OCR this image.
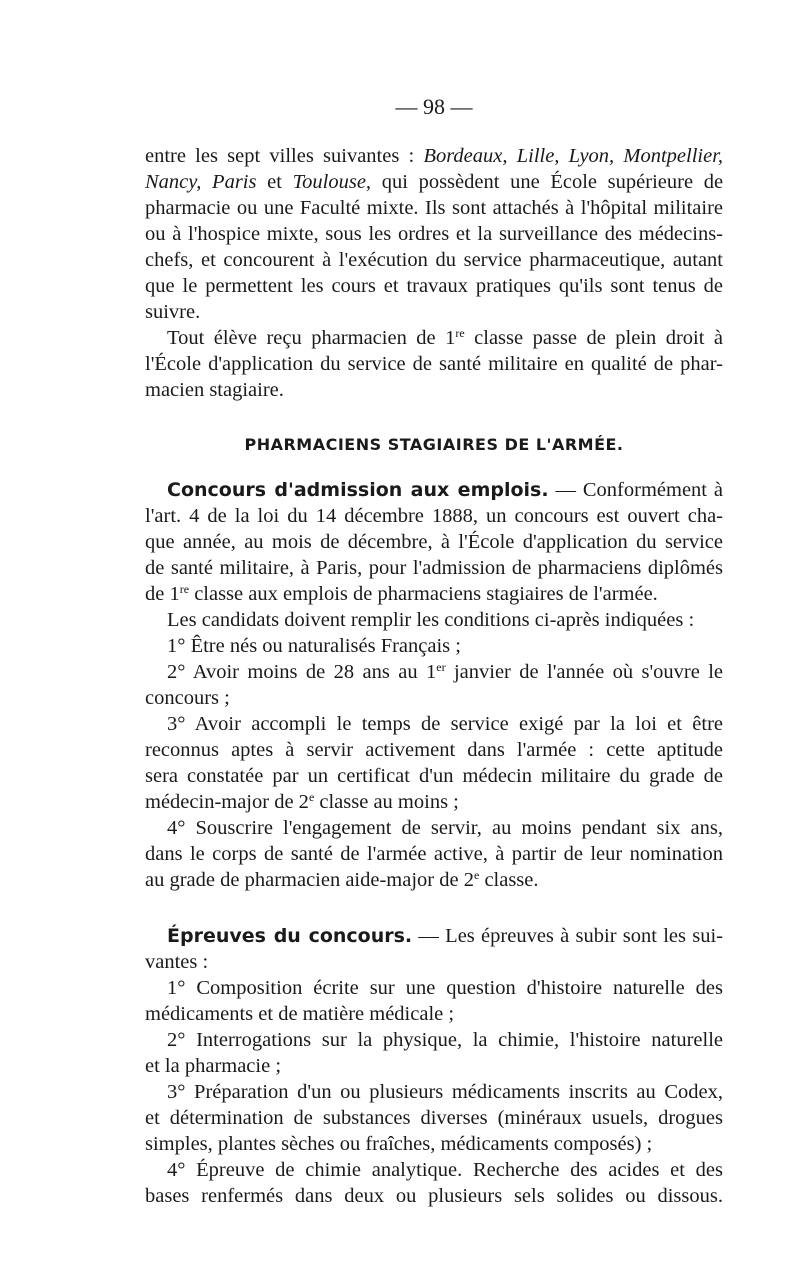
— 98 —
entre les sept villes suivantes : Bordeaux, Lille, Lyon, Montpellier,
Nancy, Paris et Toulouse, qui possèdent une École supérieure de
pharmacie ou une Faculté mixte. Ils sont attachés à l'hôpital militaire
ou à l'hospice mixte, sous les ordres et la surveillance des médecins-
chefs, et concourent à l'exécution du service pharmaceutique, autant
que le permettent les cours et travaux pratiques qu'ils sont tenus de
suivre.
Tout élève reçu pharmacien de 1re classe passe de plein droit à
l'École d'application du service de santé militaire en qualité de phar-
macien stagiaire.
PHARMACIENS STAGIAIRES DE L'ARMÉE.
Concours d'admission aux emplois. — Conformément à
l'art. 4 de la loi du 14 décembre 1888, un concours est ouvert cha-
que année, au mois de décembre, à l'École d'application du service
de santé militaire, à Paris, pour l'admission de pharmaciens diplômés
de 1re classe aux emplois de pharmaciens stagiaires de l'armée.
Les candidats doivent remplir les conditions ci-après indiquées :
1° Être nés ou naturalisés Français ;
2° Avoir moins de 28 ans au 1er janvier de l'année où s'ouvre le
concours ;
3° Avoir accompli le temps de service exigé par la loi et être
reconnus aptes à servir activement dans l'armée : cette aptitude
sera constatée par un certificat d'un médecin militaire du grade de
médecin-major de 2e classe au moins ;
4° Souscrire l'engagement de servir, au moins pendant six ans,
dans le corps de santé de l'armée active, à partir de leur nomination
au grade de pharmacien aide-major de 2e classe.
Épreuves du concours. — Les épreuves à subir sont les sui-
vantes :
1° Composition écrite sur une question d'histoire naturelle des
médicaments et de matière médicale ;
2° Interrogations sur la physique, la chimie, l'histoire naturelle
et la pharmacie ;
3° Préparation d'un ou plusieurs médicaments inscrits au Codex,
et détermination de substances diverses (minéraux usuels, drogues
simples, plantes sèches ou fraîches, médicaments composés) ;
4° Épreuve de chimie analytique. Recherche des acides et des
bases renfermés dans deux ou plusieurs sels solides ou dissous.
